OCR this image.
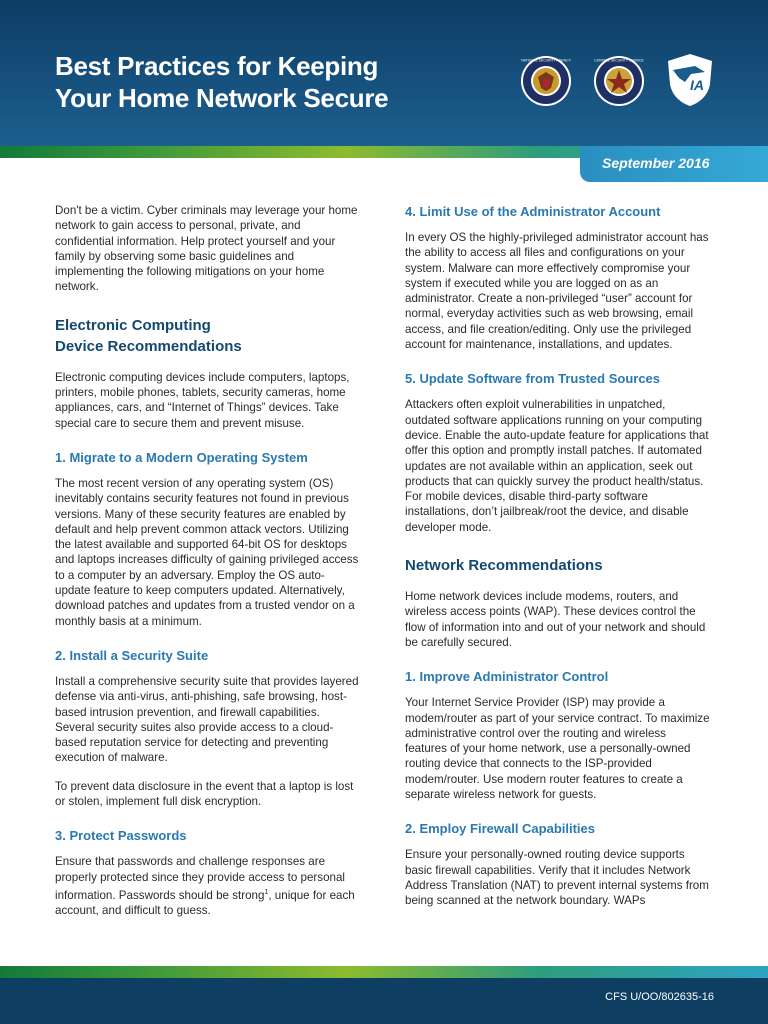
Best Practices for Keeping
Your Home Network Secure
NATIONAL SECURITY AGENCY	CENTRAL SECURITY SERVICE
IA
September 2016

Don't be a victim. Cyber criminals may leverage your home network to gain access to personal, private, and confidential information. Help protect yourself and your family by observing some basic guidelines and implementing the following mitigations on your home network.

Electronic Computing
Device Recommendations

Electronic computing devices include computers, laptops, printers, mobile phones, tablets, security cameras, home appliances, cars, and “Internet of Things” devices. Take special care to secure them and prevent misuse.

1. Migrate to a Modern Operating System

The most recent version of any operating system (OS) inevitably contains security features not found in previous versions. Many of these security features are enabled by default and help prevent common attack vectors. Utilizing the latest available and supported 64-bit OS for desktops and laptops increases difficulty of gaining privileged access to a computer by an adversary. Employ the OS auto-update feature to keep computers updated. Alternatively, download patches and updates from a trusted vendor on a monthly basis at a minimum.

2. Install a Security Suite

Install a comprehensive security suite that provides layered defense via anti-virus, anti-phishing, safe browsing, host-based intrusion prevention, and firewall capabilities. Several security suites also provide access to a cloud-based reputation service for detecting and preventing execution of malware.

To prevent data disclosure in the event that a laptop is lost or stolen, implement full disk encryption.

3. Protect Passwords

Ensure that passwords and challenge responses are properly protected since they provide access to personal information. Passwords should be strong$^1$, unique for each account, and difficult to guess.

4. Limit Use of the Administrator Account

In every OS the highly-privileged administrator account has the ability to access all files and configurations on your system. Malware can more effectively compromise your system if executed while you are logged on as an administrator. Create a non-privileged “user” account for normal, everyday activities such as web browsing, email access, and file creation/editing. Only use the privileged account for maintenance, installations, and updates.

5. Update Software from Trusted Sources

Attackers often exploit vulnerabilities in unpatched, outdated software applications running on your computing device. Enable the auto-update feature for applications that offer this option and promptly install patches. If automated updates are not available within an application, seek out products that can quickly survey the product health/status. For mobile devices, disable third-party software installations, don’t jailbreak/root the device, and disable developer mode.

Network Recommendations

Home network devices include modems, routers, and wireless access points (WAP). These devices control the flow of information into and out of your network and should be carefully secured.

1. Improve Administrator Control

Your Internet Service Provider (ISP) may provide a modem/router as part of your service contract. To maximize administrative control over the routing and wireless features of your home network, use a personally-owned routing device that connects to the ISP-provided modem/router. Use modern router features to create a separate wireless network for guests.

2. Employ Firewall Capabilities

Ensure your personally-owned routing device supports basic firewall capabilities. Verify that it includes Network Address Translation (NAT) to prevent internal systems from being scanned at the network boundary. WAPs

CFS U/OO/802635-16
